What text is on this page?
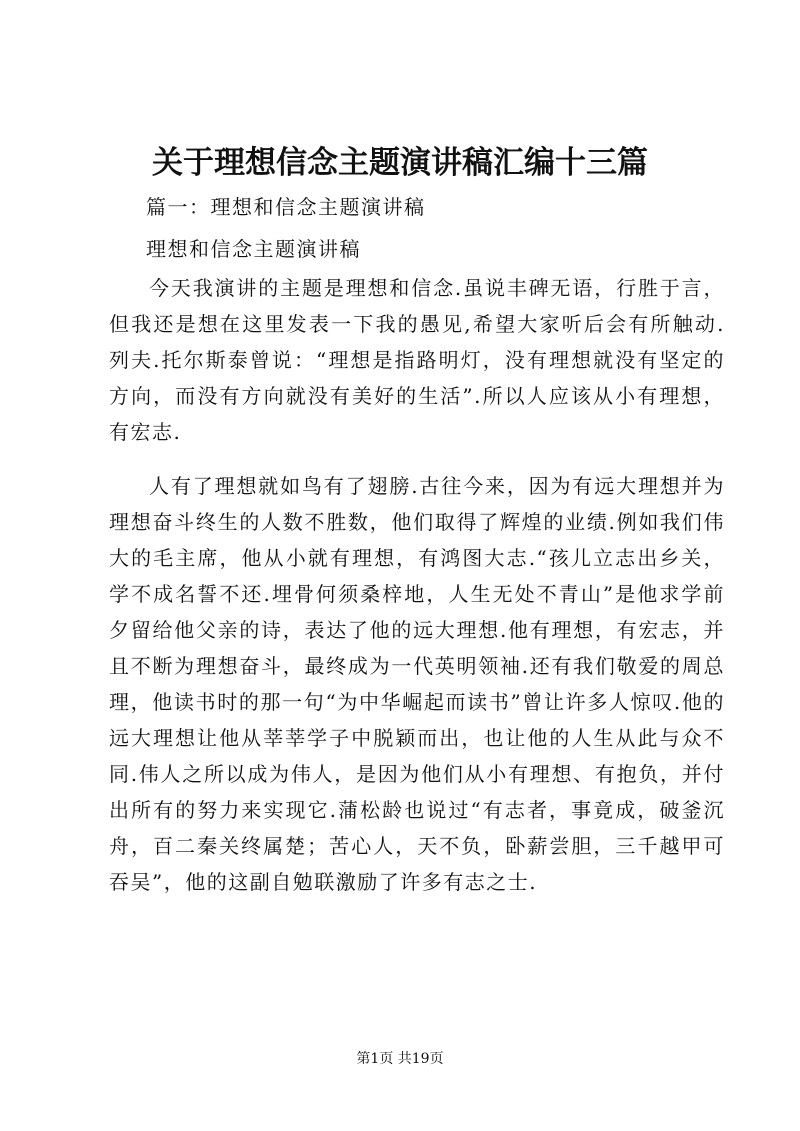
关于理想信念主题演讲稿汇编十三篇
篇一：理想和信念主题演讲稿
理想和信念主题演讲稿

今天我演讲的主题是理想和信念.虽说丰碑无语，行胜于言，但我还是想在这里发表一下我的愚见,希望大家听后会有所触动.列夫.托尔斯泰曾说：“理想是指路明灯，没有理想就没有坚定的方向，而没有方向就没有美好的生活”.所以人应该从小有理想，有宏志.

人有了理想就如鸟有了翅膀.古往今来，因为有远大理想并为理想奋斗终生的人数不胜数，他们取得了辉煌的业绩.例如我们伟大的毛主席，他从小就有理想，有鸿图大志.“孩儿立志出乡关，学不成名誓不还.埋骨何须桑梓地，人生无处不青山”是他求学前夕留给他父亲的诗，表达了他的远大理想.他有理想，有宏志，并且不断为理想奋斗，最终成为一代英明领袖.还有我们敬爱的周总理，他读书时的那一句“为中华崛起而读书”曾让许多人惊叹.他的远大理想让他从莘莘学子中脱颖而出，也让他的人生从此与众不同.伟人之所以成为伟人，是因为他们从小有理想、有抱负，并付出所有的努力来实现它.蒲松龄也说过“有志者，事竟成，破釜沉舟，百二秦关终属楚；苦心人，天不负，卧薪尝胆，三千越甲可吞吴”，他的这副自勉联激励了许多有志之士.

第1页 共19页
